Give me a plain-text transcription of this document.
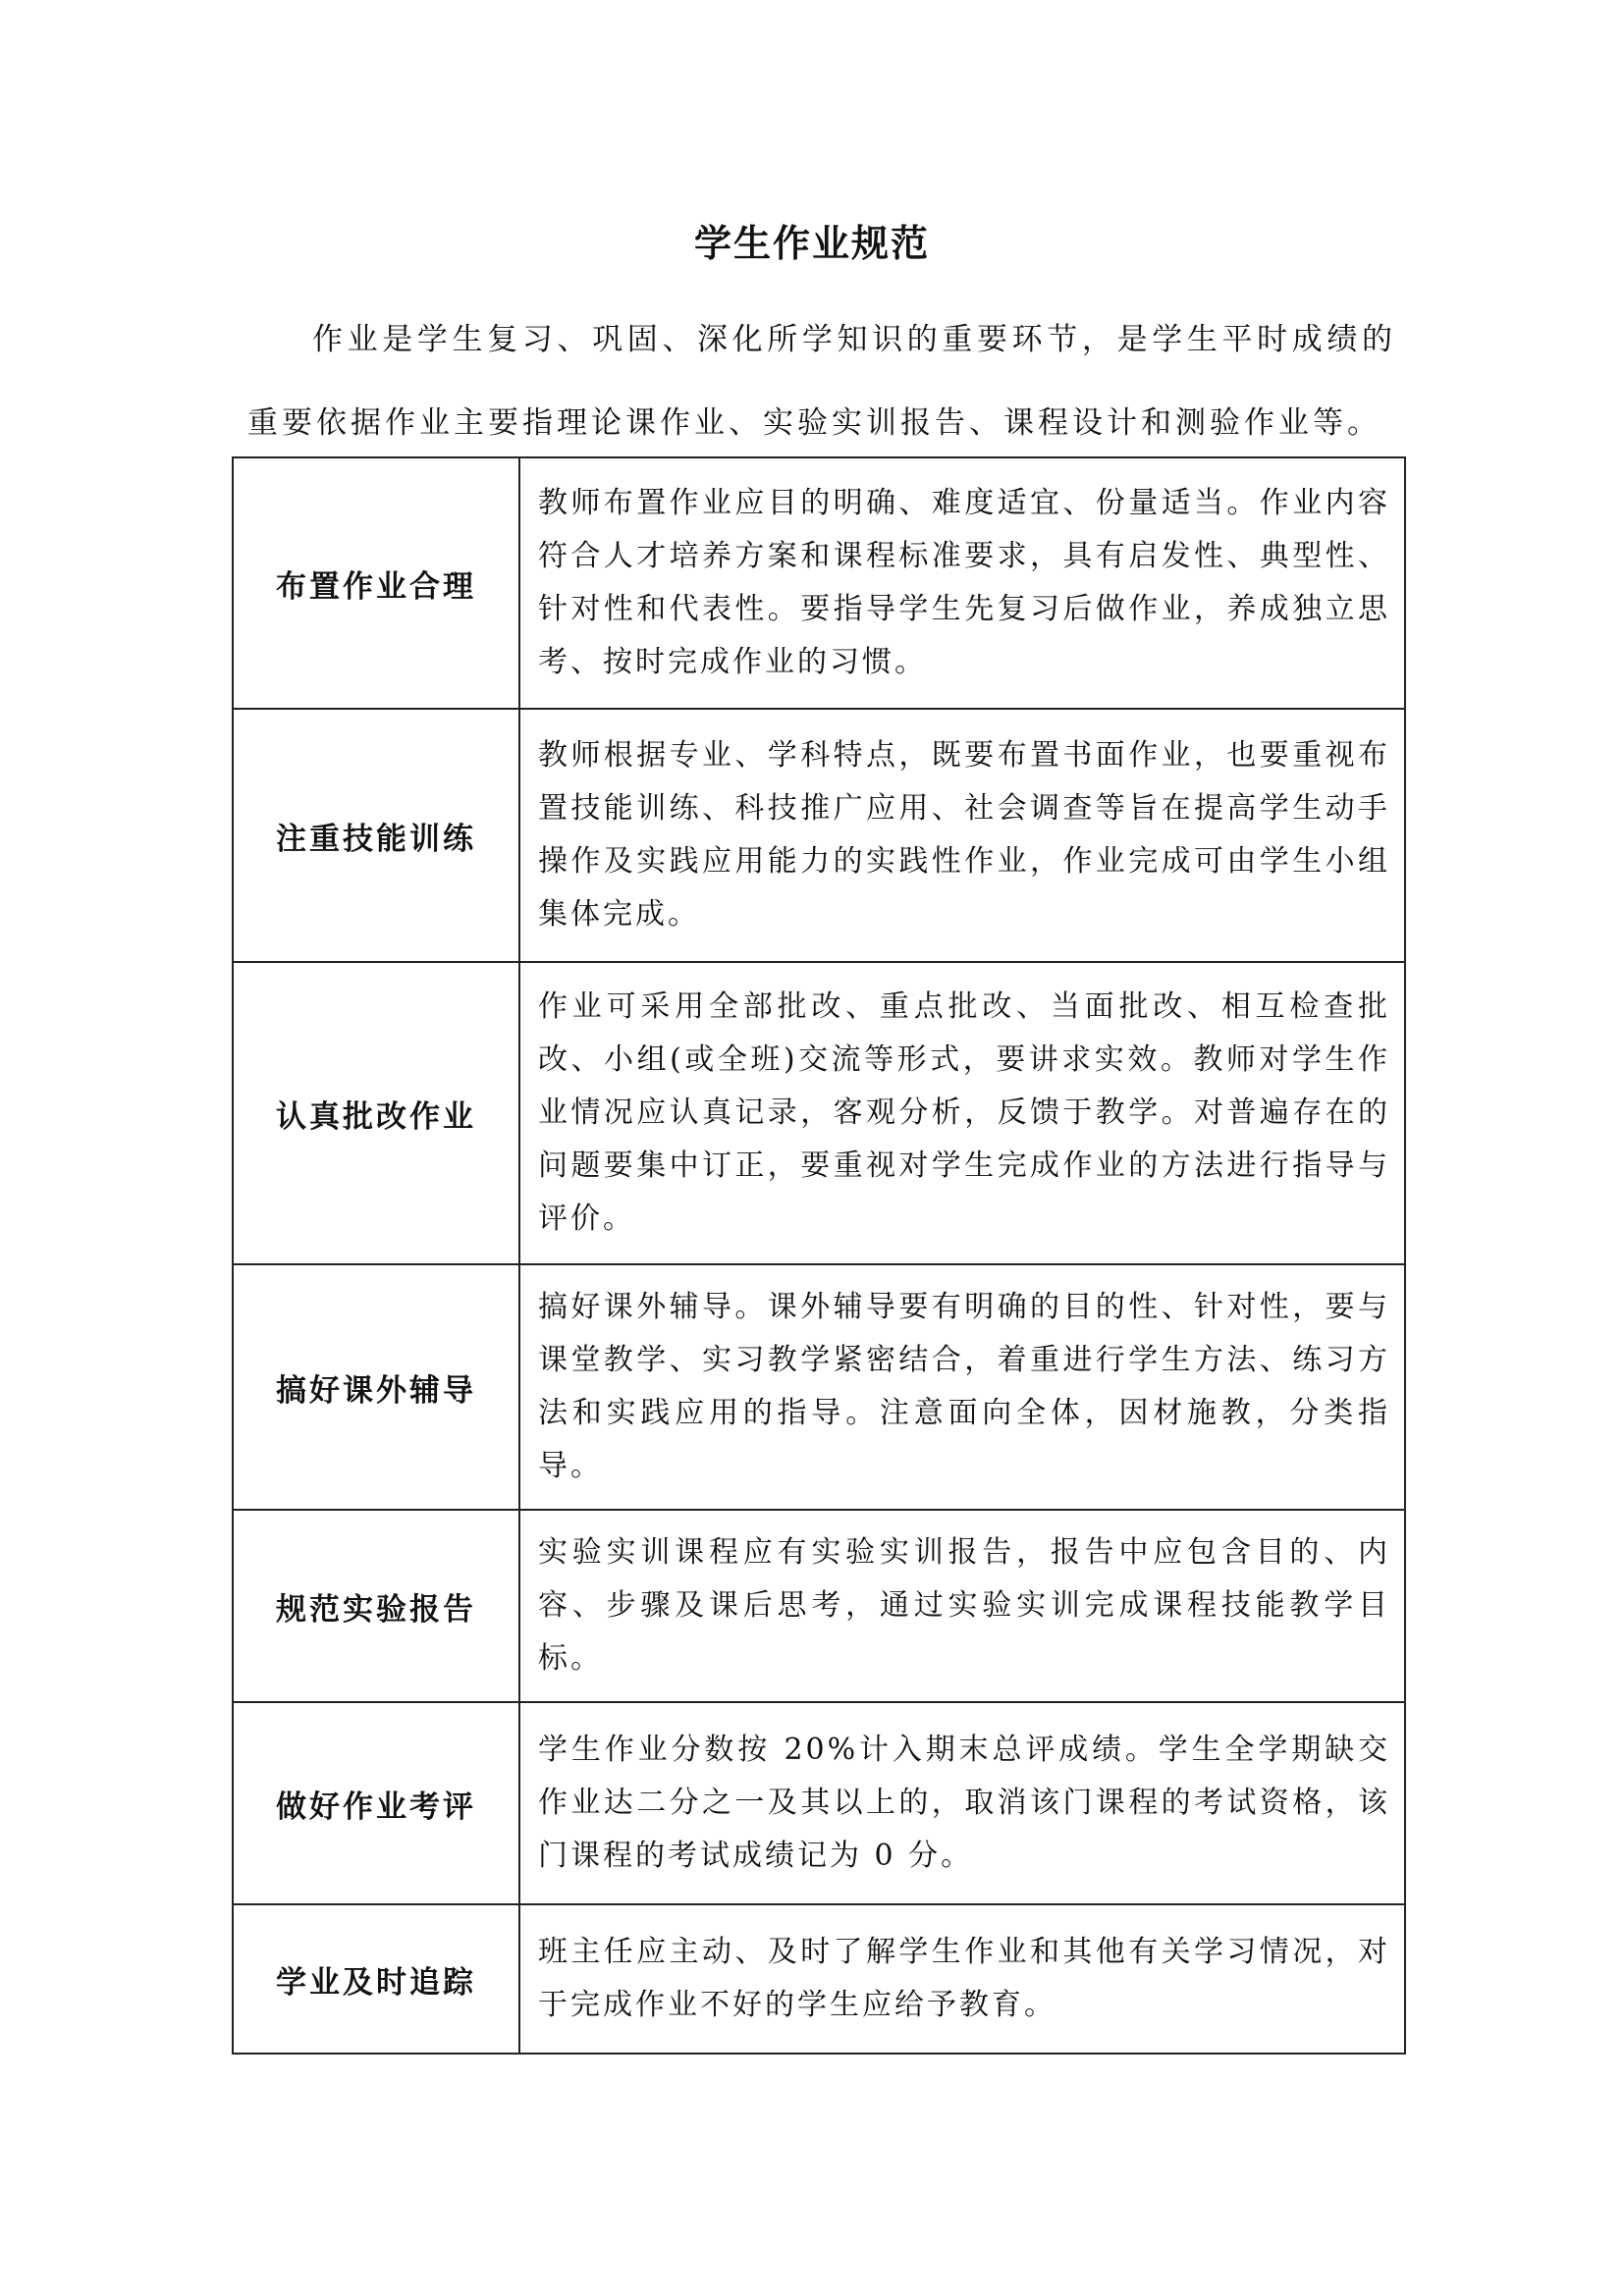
学生作业规范

作业是学生复习、巩固、深化所学知识的重要环节，是学生平时成绩的重要依据作业主要指理论课作业、实验实训报告、课程设计和测验作业等。

布置作业合理	教师布置作业应目的明确、难度适宜、份量适当。作业内容符合人才培养方案和课程标准要求，具有启发性、典型性、针对性和代表性。要指导学生先复习后做作业，养成独立思考、按时完成作业的习惯。
注重技能训练	教师根据专业、学科特点，既要布置书面作业，也要重视布置技能训练、科技推广应用、社会调查等旨在提高学生动手操作及实践应用能力的实践性作业，作业完成可由学生小组集体完成。
认真批改作业	作业可采用全部批改、重点批改、当面批改、相互检查批改、小组(或全班)交流等形式，要讲求实效。教师对学生作业情况应认真记录，客观分析，反馈于教学。对普遍存在的问题要集中订正，要重视对学生完成作业的方法进行指导与评价。
搞好课外辅导	搞好课外辅导。课外辅导要有明确的目的性、针对性，要与课堂教学、实习教学紧密结合，着重进行学生方法、练习方法和实践应用的指导。注意面向全体，因材施教，分类指导。
规范实验报告	实验实训课程应有实验实训报告，报告中应包含目的、内容、步骤及课后思考，通过实验实训完成课程技能教学目标。
做好作业考评	学生作业分数按 20%计入期末总评成绩。学生全学期缺交作业达二分之一及其以上的，取消该门课程的考试资格，该门课程的考试成绩记为 0 分。
学业及时追踪	班主任应主动、及时了解学生作业和其他有关学习情况，对于完成作业不好的学生应给予教育。
